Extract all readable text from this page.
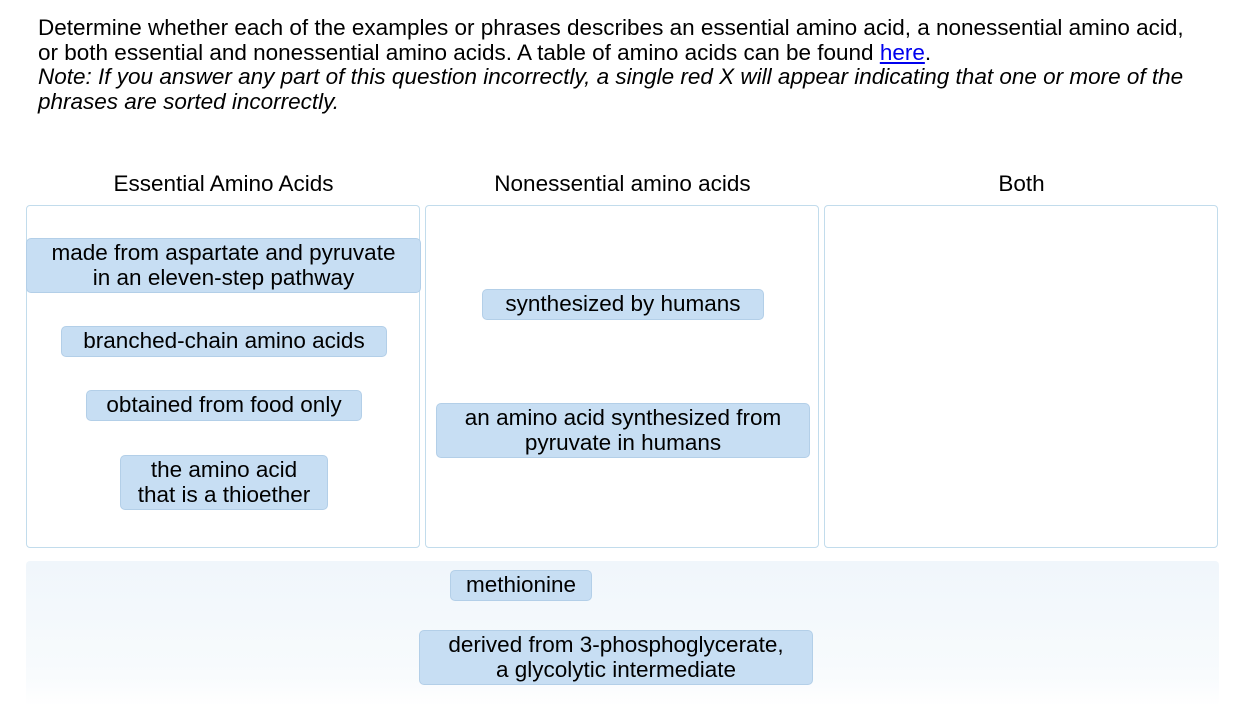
Determine whether each of the examples or phrases describes an essential amino acid, a nonessential amino acid, or both essential and nonessential amino acids. A table of amino acids can be found here.
Note: If you answer any part of this question incorrectly, a single red X will appear indicating that one or more of the phrases are sorted incorrectly.
Essential Amino Acids	Nonessential amino acids	Both
made from aspartate and pyruvate
in an eleven-step pathway
branched-chain amino acids
obtained from food only
the amino acid
that is a thioether
synthesized by humans
an amino acid synthesized from
pyruvate in humans
methionine
derived from 3-phosphoglycerate,
a glycolytic intermediate
